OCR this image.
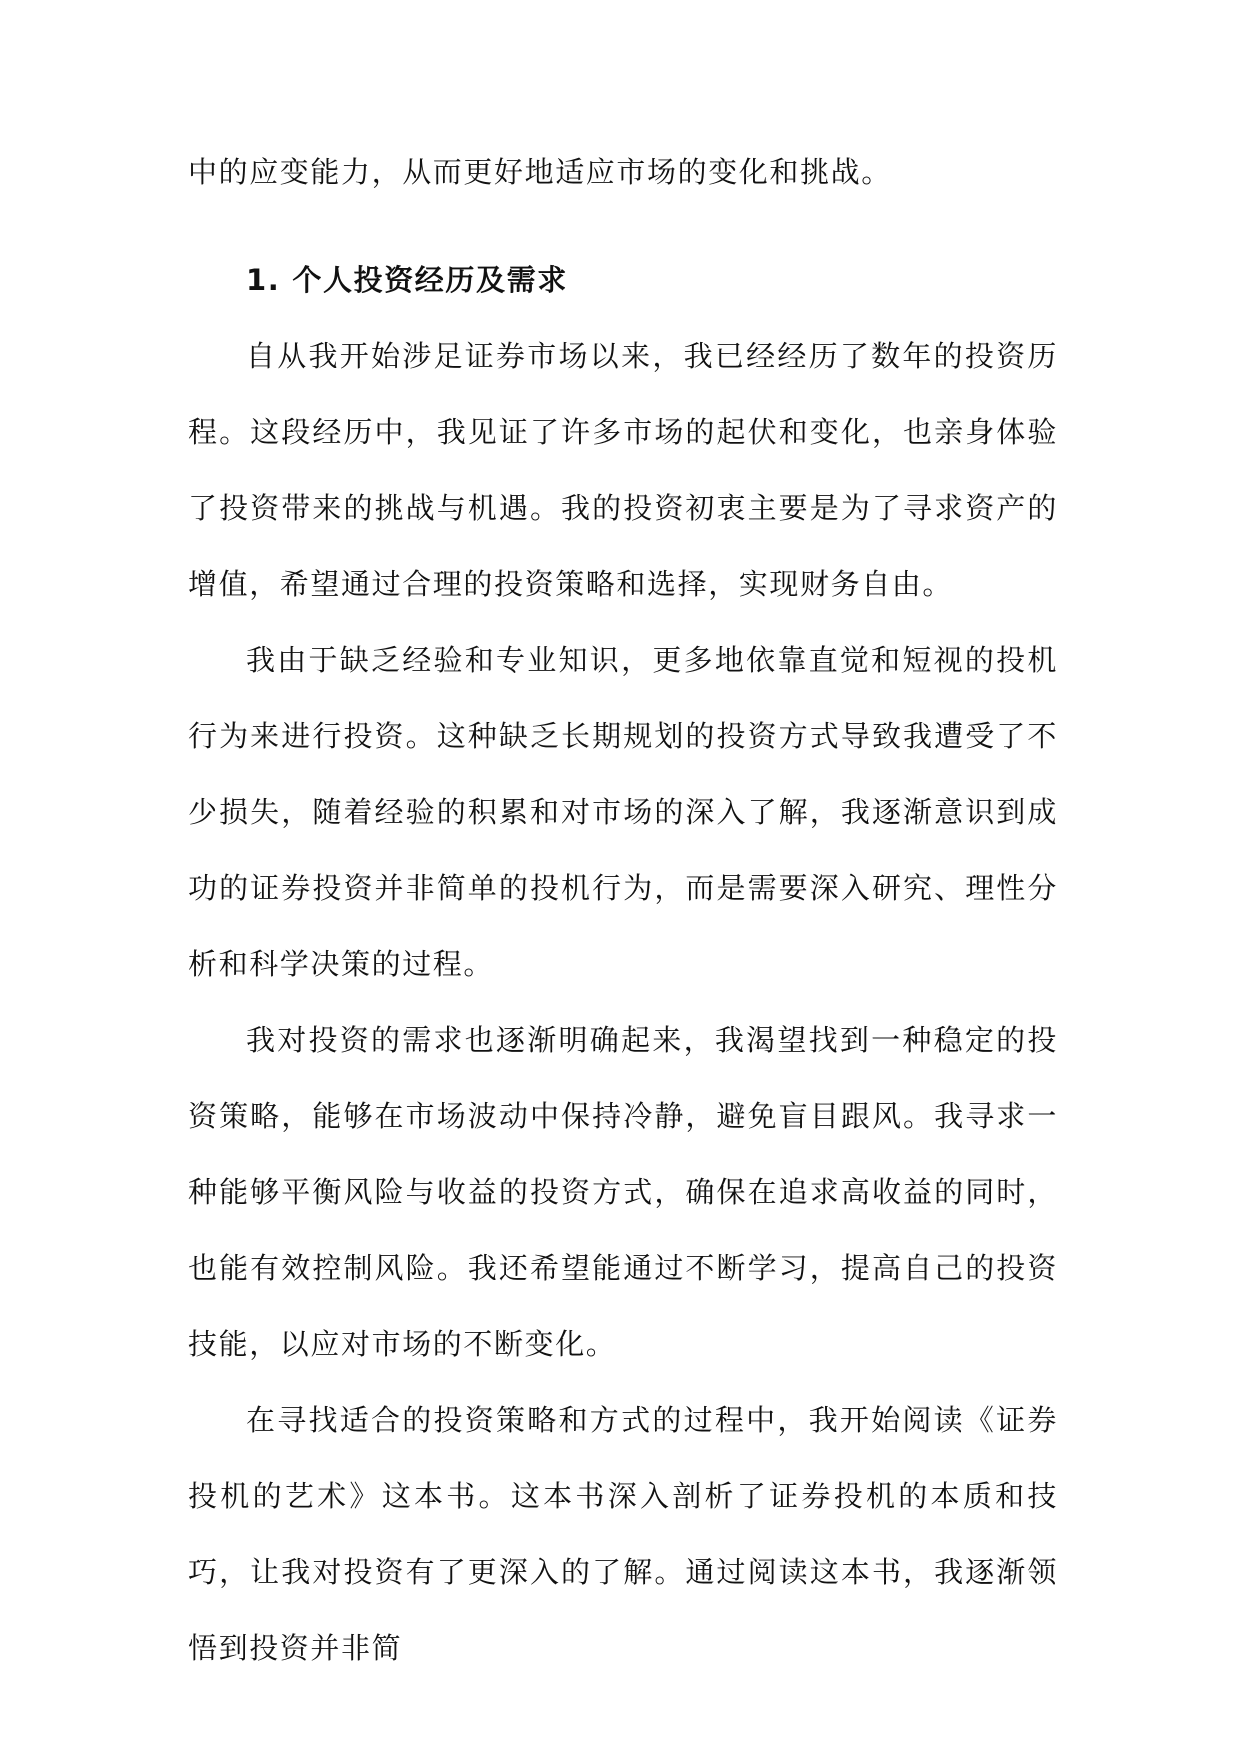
中的应变能力，从而更好地适应市场的变化和挑战。

1. 个人投资经历及需求

自从我开始涉足证券市场以来，我已经经历了数年的投资历程。这段经历中，我见证了许多市场的起伏和变化，也亲身体验了投资带来的挑战与机遇。我的投资初衷主要是为了寻求资产的增值，希望通过合理的投资策略和选择，实现财务自由。

我由于缺乏经验和专业知识，更多地依靠直觉和短视的投机行为来进行投资。这种缺乏长期规划的投资方式导致我遭受了不少损失，随着经验的积累和对市场的深入了解，我逐渐意识到成功的证券投资并非简单的投机行为，而是需要深入研究、理性分析和科学决策的过程。

我对投资的需求也逐渐明确起来，我渴望找到一种稳定的投资策略，能够在市场波动中保持冷静，避免盲目跟风。我寻求一种能够平衡风险与收益的投资方式，确保在追求高收益的同时，也能有效控制风险。我还希望能通过不断学习，提高自己的投资技能，以应对市场的不断变化。

在寻找适合的投资策略和方式的过程中，我开始阅读《证券投机的艺术》这本书。这本书深入剖析了证券投机的本质和技巧，让我对投资有了更深入的了解。通过阅读这本书，我逐渐领悟到投资并非简
